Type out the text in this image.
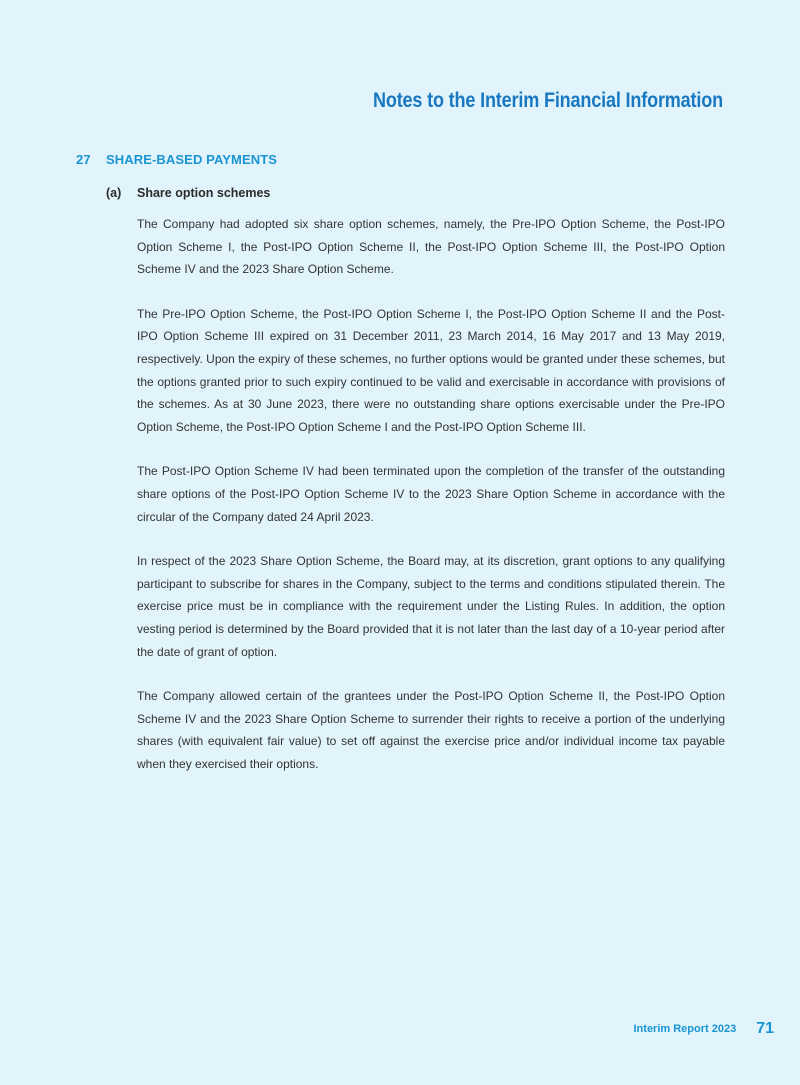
Notes to the Interim Financial Information
27 SHARE-BASED PAYMENTS
(a) Share option schemes

The Company had adopted six share option schemes, namely, the Pre-IPO Option Scheme, the Post-IPO Option Scheme I, the Post-IPO Option Scheme II, the Post-IPO Option Scheme III, the Post-IPO Option Scheme IV and the 2023 Share Option Scheme.

The Pre-IPO Option Scheme, the Post-IPO Option Scheme I, the Post-IPO Option Scheme II and the Post-IPO Option Scheme III expired on 31 December 2011, 23 March 2014, 16 May 2017 and 13 May 2019, respectively. Upon the expiry of these schemes, no further options would be granted under these schemes, but the options granted prior to such expiry continued to be valid and exercisable in accordance with provisions of the schemes. As at 30 June 2023, there were no outstanding share options exercisable under the Pre-IPO Option Scheme, the Post-IPO Option Scheme I and the Post-IPO Option Scheme III.

The Post-IPO Option Scheme IV had been terminated upon the completion of the transfer of the outstanding share options of the Post-IPO Option Scheme IV to the 2023 Share Option Scheme in accordance with the circular of the Company dated 24 April 2023.

In respect of the 2023 Share Option Scheme, the Board may, at its discretion, grant options to any qualifying participant to subscribe for shares in the Company, subject to the terms and conditions stipulated therein. The exercise price must be in compliance with the requirement under the Listing Rules. In addition, the option vesting period is determined by the Board provided that it is not later than the last day of a 10-year period after the date of grant of option.

The Company allowed certain of the grantees under the Post-IPO Option Scheme II, the Post-IPO Option Scheme IV and the 2023 Share Option Scheme to surrender their rights to receive a portion of the underlying shares (with equivalent fair value) to set off against the exercise price and/or individual income tax payable when they exercised their options.

Interim Report 2023 71
